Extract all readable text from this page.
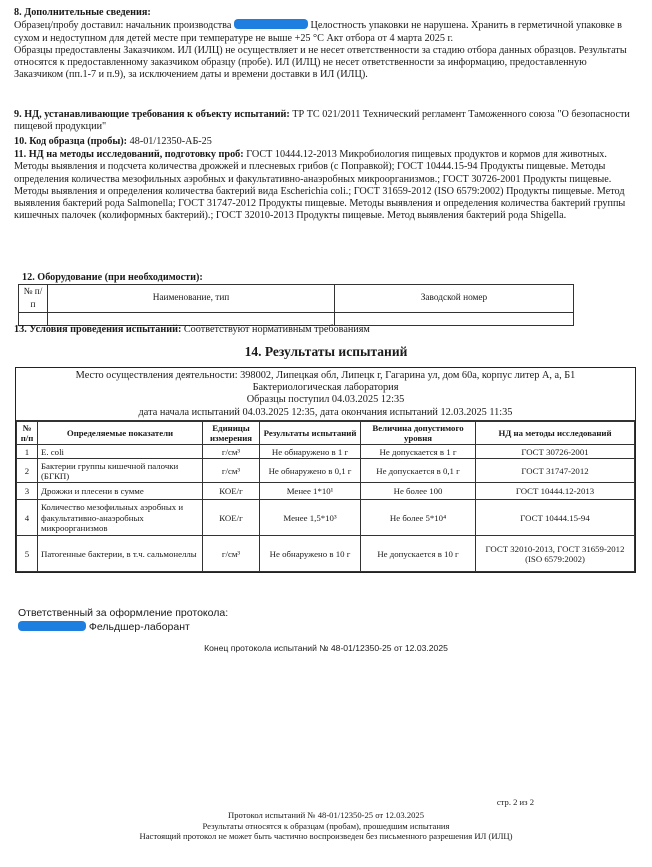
8. Дополнительные сведения:
Образец/пробу доставил: начальник производства	Целостность упаковки не нарушена. Хранить в герметичной упаковке в сухом и недоступном для детей месте при температуре не выше +25 °С Акт отбора от 4 марта 2025 г.
Образцы предоставлены Заказчиком. ИЛ (ИЛЦ) не осуществляет и не несет ответственности за стадию отбора данных образцов. Результаты относятся к предоставленному заказчиком образцу (пробе). ИЛ (ИЛЦ) не несет ответственности за информацию, предоставленную Заказчиком (пп.1-7 и п.9), за исключением даты и времени доставки в ИЛ (ИЛЦ).
9. НД, устанавливающие требования к объекту испытаний: ТР ТС 021/2011 Технический регламент Таможенного союза "О безопасности пищевой продукции"
10. Код образца (пробы): 48-01/12350-АБ-25
11. НД на методы исследований, подготовку проб: ГОСТ 10444.12-2013 Микробиология пищевых продуктов и кормов для животных. Методы выявления и подсчета количества дрожжей и плесневых грибов (с Поправкой); ГОСТ 10444.15-94 Продукты пищевые. Методы определения количества мезофильных аэробных и факультативно-анаэробных микроорганизмов.; ГОСТ 30726-2001 Продукты пищевые. Методы выявления и определения количества бактерий вида Escherichia coli.; ГОСТ 31659-2012 (ISO 6579:2002) Продукты пищевые. Метод выявления бактерий рода Salmonella; ГОСТ 31747-2012 Продукты пищевые. Методы выявления и определения количества бактерий группы кишечных палочек (колиформных бактерий).; ГОСТ 32010-2013 Продукты пищевые. Метод выявления бактерий рода Shigella.
12. Оборудование (при необходимости):
№ п/п	Наименование, тип	Заводской номер

13. Условия проведения испытаний: Соответствуют нормативным требованиям
14. Результаты испытаний
Место осуществления деятельности: 398002, Липецкая обл, Липецк г, Гагарина ул, дом 60а, корпус литер А, а, Б1
Бактериологическая лаборатория
Образцы поступил 04.03.2025 12:35
дата начала испытаний 04.03.2025 12:35, дата окончания испытаний 12.03.2025 11:35
№ п/п	Определяемые показатели	Единицы измерения	Результаты испытаний	Величина допустимого уровня	НД на методы исследований
1	E. coli	г/см³	Не обнаружено в 1 г	Не допускается в 1 г	ГОСТ 30726-2001
2	Бактерии группы кишечной палочки (БГКП)	г/см³	Не обнаружено в 0,1 г	Не допускается в 0,1 г	ГОСТ 31747-2012
3	Дрожжи и плесени в сумме	КОЕ/г	Менее 1*10¹	Не более 100	ГОСТ 10444.12-2013
4	Количество мезофильных аэробных и факультативно-анаэробных микроорганизмов	КОЕ/г	Менее 1,5*10³	Не более 5*10⁴	ГОСТ 10444.15-94
5	Патогенные бактерии, в т.ч. сальмонеллы	г/см³	Не обнаружено в 10 г	Не допускается в 10 г	ГОСТ 32010-2013, ГОСТ 31659-2012 (ISO 6579:2002)
Ответственный за оформление протокола:
Фельдшер-лаборант
Конец протокола испытаний № 48-01/12350-25 от 12.03.2025
стр. 2 из 2
Протокол испытаний № 48-01/12350-25 от 12.03.2025
Результаты относятся к образцам (пробам), прошедшим испытания
Настоящий протокол не может быть частично воспроизведен без письменного разрешения ИЛ (ИЛЦ)
